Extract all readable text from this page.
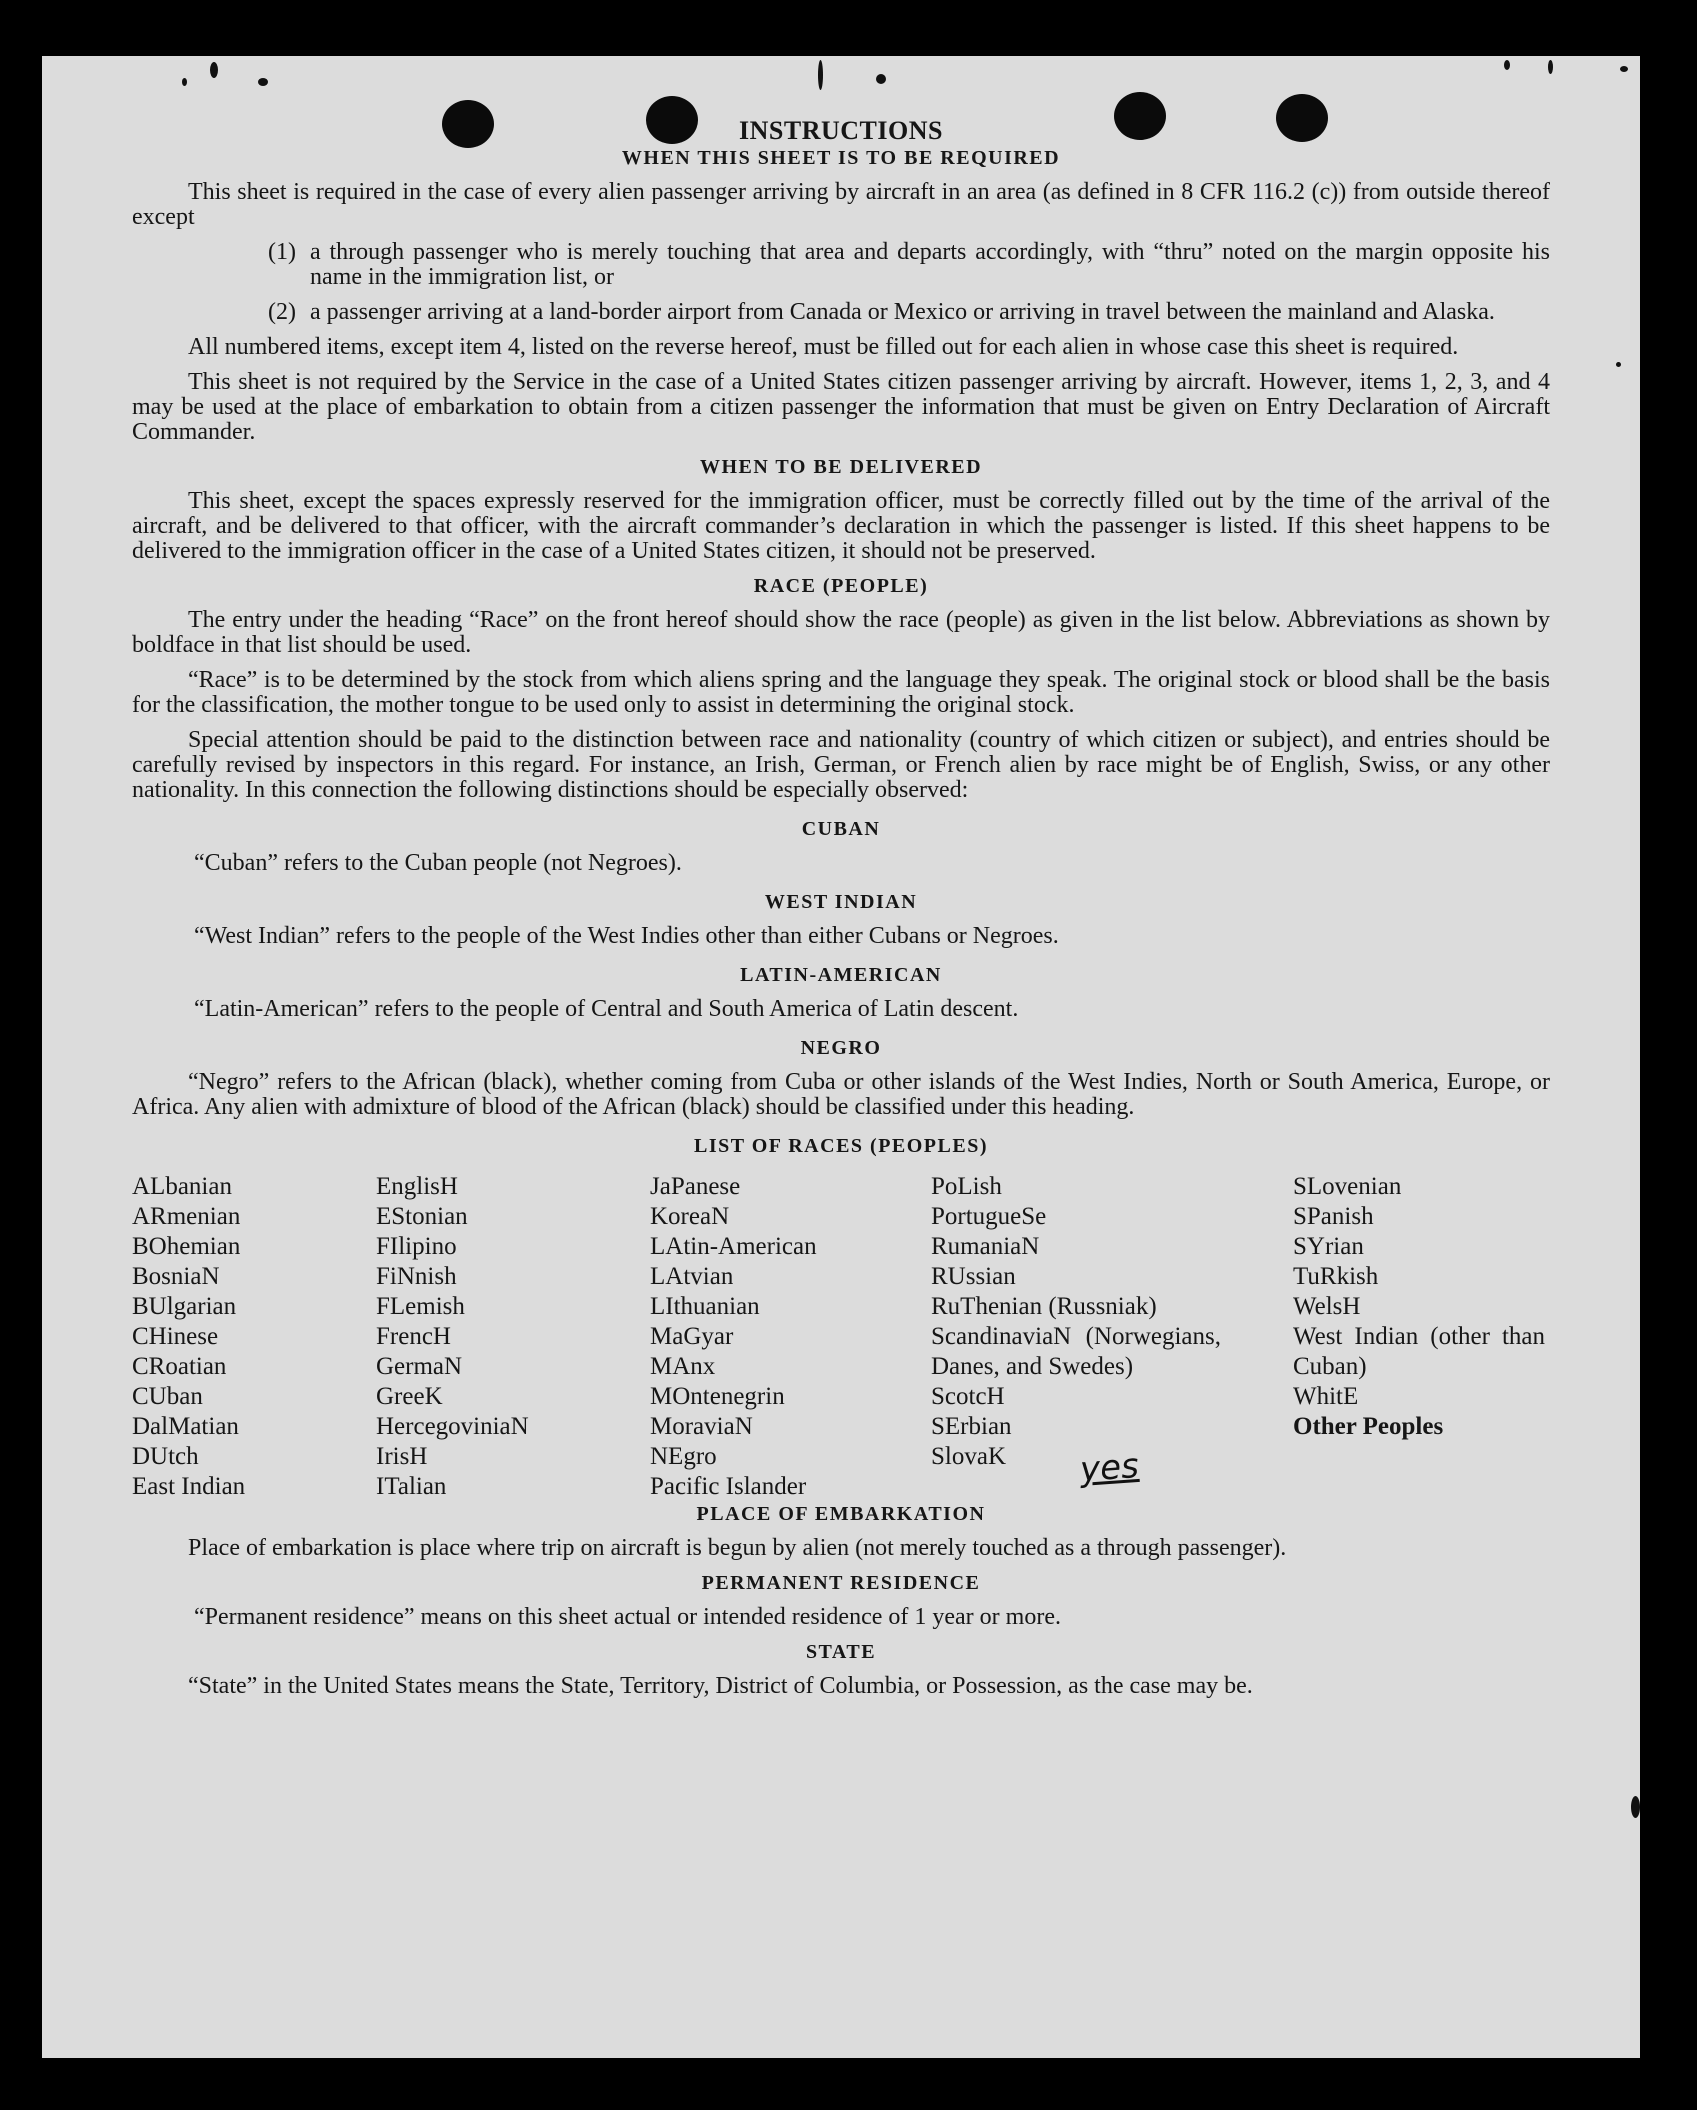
yes

INSTRUCTIONS

WHEN THIS SHEET IS TO BE REQUIRED

This sheet is required in the case of every alien passenger arriving by aircraft in an area (as defined in 8 CFR 116.2 (c)) from outside thereof except

(1) a through passenger who is merely touching that area and departs accordingly, with “thru” noted on the margin opposite his name in the immigration list, or
(2) a passenger arriving at a land-border airport from Canada or Mexico or arriving in travel between the mainland and Alaska.

All numbered items, except item 4, listed on the reverse hereof, must be filled out for each alien in whose case this sheet is required.

This sheet is not required by the Service in the case of a United States citizen passenger arriving by aircraft. However, items 1, 2, 3, and 4 may be used at the place of embarkation to obtain from a citizen passenger the information that must be given on Entry Declaration of Aircraft Commander.

WHEN TO BE DELIVERED

This sheet, except the spaces expressly reserved for the immigration officer, must be correctly filled out by the time of the arrival of the aircraft, and be delivered to that officer, with the aircraft commander’s declaration in which the passenger is listed. If this sheet happens to be delivered to the immigration officer in the case of a United States citizen, it should not be preserved.

RACE (PEOPLE)

The entry under the heading “Race” on the front hereof should show the race (people) as given in the list below. Abbreviations as shown by boldface in that list should be used.

“Race” is to be determined by the stock from which aliens spring and the language they speak. The original stock or blood shall be the basis for the classification, the mother tongue to be used only to assist in determining the original stock.

Special attention should be paid to the distinction between race and nationality (country of which citizen or subject), and entries should be carefully revised by inspectors in this regard. For instance, an Irish, German, or French alien by race might be of English, Swiss, or any other nationality. In this connection the following distinctions should be especially observed:

CUBAN

“Cuban” refers to the Cuban people (not Negroes).

WEST INDIAN

“West Indian” refers to the people of the West Indies other than either Cubans or Negroes.

LATIN-AMERICAN

“Latin-American” refers to the people of Central and South America of Latin descent.

NEGRO

“Negro” refers to the African (black), whether coming from Cuba or other islands of the West Indies, North or South America, Europe, or Africa. Any alien with admixture of blood of the African (black) should be classified under this heading.

LIST OF RACES (PEOPLES)

ALbanian
ARmenian
BOhemian
BosniaN
BUlgarian
CHinese
CRoatian
CUban
DalMatian
DUtch
East Indian
EnglisH
EStonian
FIlipino
FiNnish
FLemish
FrencH
GermaN
GreeK
HercegoviniaN
IrisH
ITalian
JaPanese
KoreaN
LAtin-American
LAtvian
LIthuanian
MaGyar
MAnx
MOntenegrin
MoraviaN
NEgro
Pacific Islander
PoLish
PortugueSe
RumaniaN
RUssian
RuThenian (Russniak)
ScandinaviaN (Norwegians, Danes, and Swedes)
ScotcH
SErbian
SlovaK
SLovenian
SPanish
SYrian
TuRkish
WelsH
West Indian (other than Cuban)
WhitE
Other Peoples

PLACE OF EMBARKATION

Place of embarkation is place where trip on aircraft is begun by alien (not merely touched as a through passenger).

PERMANENT RESIDENCE

“Permanent residence” means on this sheet actual or intended residence of 1 year or more.

STATE

“State” in the United States means the State, Territory, District of Columbia, or Possession, as the case may be.
